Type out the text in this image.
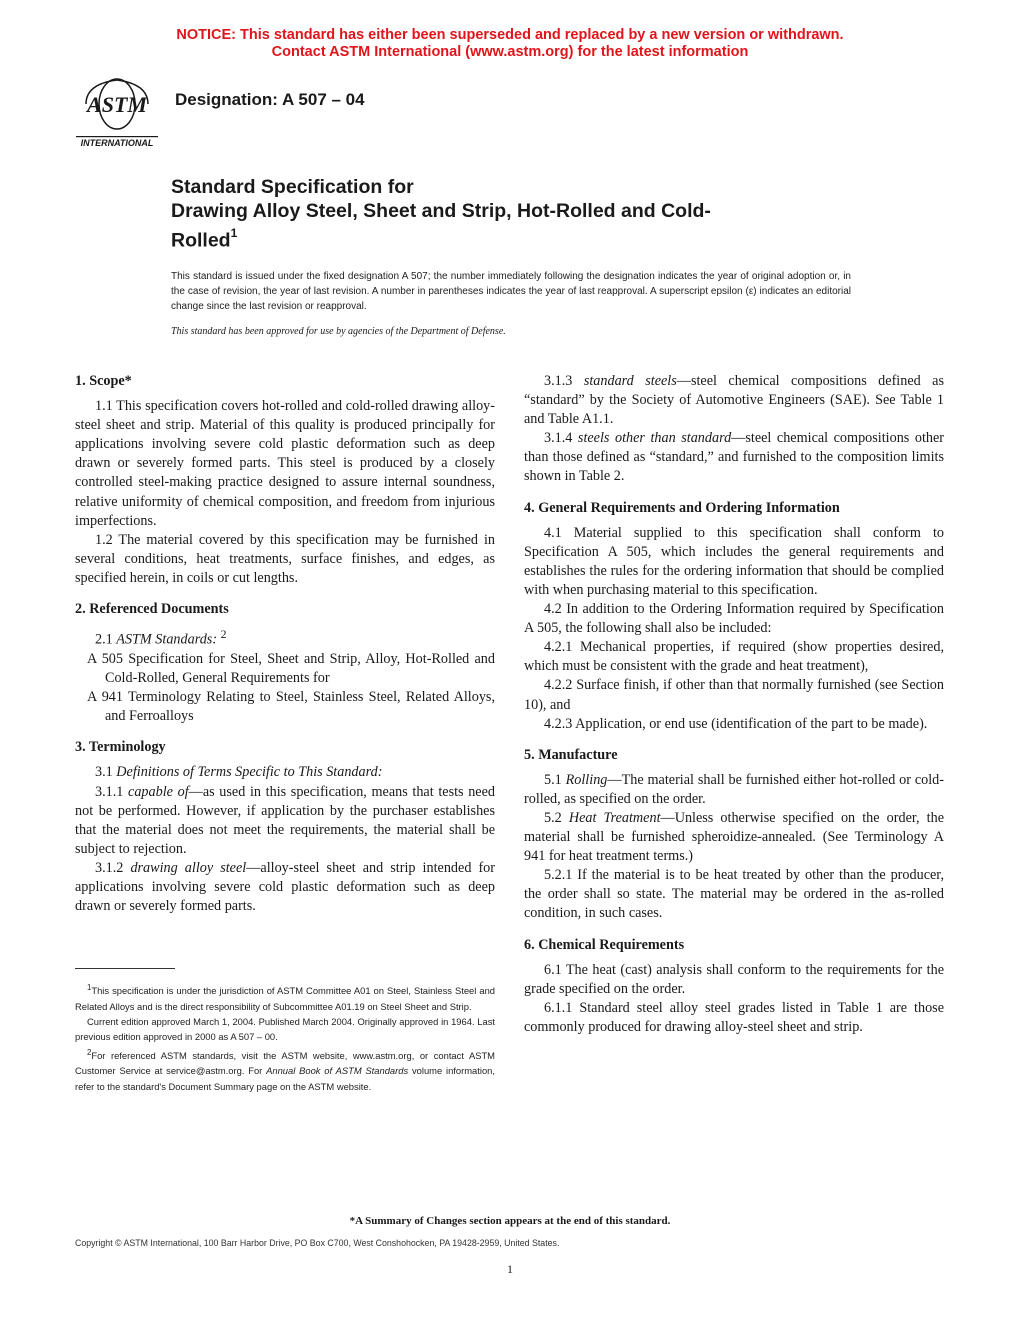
NOTICE: This standard has either been superseded and replaced by a new version or withdrawn.
Contact ASTM International (www.astm.org) for the latest information
ASTM
INTERNATIONAL
Designation: A 507 – 04
Standard Specification for
Drawing Alloy Steel, Sheet and Strip, Hot-Rolled and Cold-
Rolled$^1$
This standard is issued under the fixed designation A 507; the number immediately following the designation indicates the year of original adoption or, in the case of revision, the year of last revision. A number in parentheses indicates the year of last reapproval. A superscript epsilon (ε) indicates an editorial change since the last revision or reapproval.
This standard has been approved for use by agencies of the Department of Defense.
1. Scope*

1.1 This specification covers hot-rolled and cold-rolled drawing alloy-steel sheet and strip. Material of this quality is produced principally for applications involving severe cold plastic deformation such as deep drawn or severely formed parts. This steel is produced by a closely controlled steel-making practice designed to assure internal soundness, relative uniformity of chemical composition, and freedom from injurious imperfections.

1.2 The material covered by this specification may be furnished in several conditions, heat treatments, surface finishes, and edges, as specified herein, in coils or cut lengths.

2. Referenced Documents

2.1 ASTM Standards: $^2$

A 505 Specification for Steel, Sheet and Strip, Alloy, Hot-Rolled and Cold-Rolled, General Requirements for

A 941 Terminology Relating to Steel, Stainless Steel, Related Alloys, and Ferroalloys

3. Terminology

3.1 Definitions of Terms Specific to This Standard:

3.1.1 capable of—as used in this specification, means that tests need not be performed. However, if application by the purchaser establishes that the material does not meet the requirements, the material shall be subject to rejection.

3.1.2 drawing alloy steel—alloy-steel sheet and strip intended for applications involving severe cold plastic deformation such as deep drawn or severely formed parts.

3.1.3 standard steels—steel chemical compositions defined as “standard” by the Society of Automotive Engineers (SAE). See Table 1 and Table A1.1.

3.1.4 steels other than standard—steel chemical compositions other than those defined as “standard,” and furnished to the composition limits shown in Table 2.

4. General Requirements and Ordering Information

4.1 Material supplied to this specification shall conform to Specification A 505, which includes the general requirements and establishes the rules for the ordering information that should be complied with when purchasing material to this specification.

4.2 In addition to the Ordering Information required by Specification A 505, the following shall also be included:

4.2.1 Mechanical properties, if required (show properties desired, which must be consistent with the grade and heat treatment),

4.2.2 Surface finish, if other than that normally furnished (see Section 10), and

4.2.3 Application, or end use (identification of the part to be made).

5. Manufacture

5.1 Rolling—The material shall be furnished either hot-rolled or cold-rolled, as specified on the order.

5.2 Heat Treatment—Unless otherwise specified on the order, the material shall be furnished spheroidize-annealed. (See Terminology A 941 for heat treatment terms.)

5.2.1 If the material is to be heat treated by other than the producer, the order shall so state. The material may be ordered in the as-rolled condition, in such cases.

6. Chemical Requirements

6.1 The heat (cast) analysis shall conform to the requirements for the grade specified on the order.

6.1.1 Standard steel alloy steel grades listed in Table 1 are those commonly produced for drawing alloy-steel sheet and strip.

$^1$This specification is under the jurisdiction of ASTM Committee A01 on Steel, Stainless Steel and Related Alloys and is the direct responsibility of Subcommittee A01.19 on Steel Sheet and Strip.

Current edition approved March 1, 2004. Published March 2004. Originally approved in 1964. Last previous edition approved in 2000 as A 507 – 00.

$^2$For referenced ASTM standards, visit the ASTM website, www.astm.org, or contact ASTM Customer Service at service@astm.org. For Annual Book of ASTM Standards volume information, refer to the standard's Document Summary page on the ASTM website.

*A Summary of Changes section appears at the end of this standard.
Copyright © ASTM International, 100 Barr Harbor Drive, PO Box C700, West Conshohocken, PA 19428-2959, United States.
1
